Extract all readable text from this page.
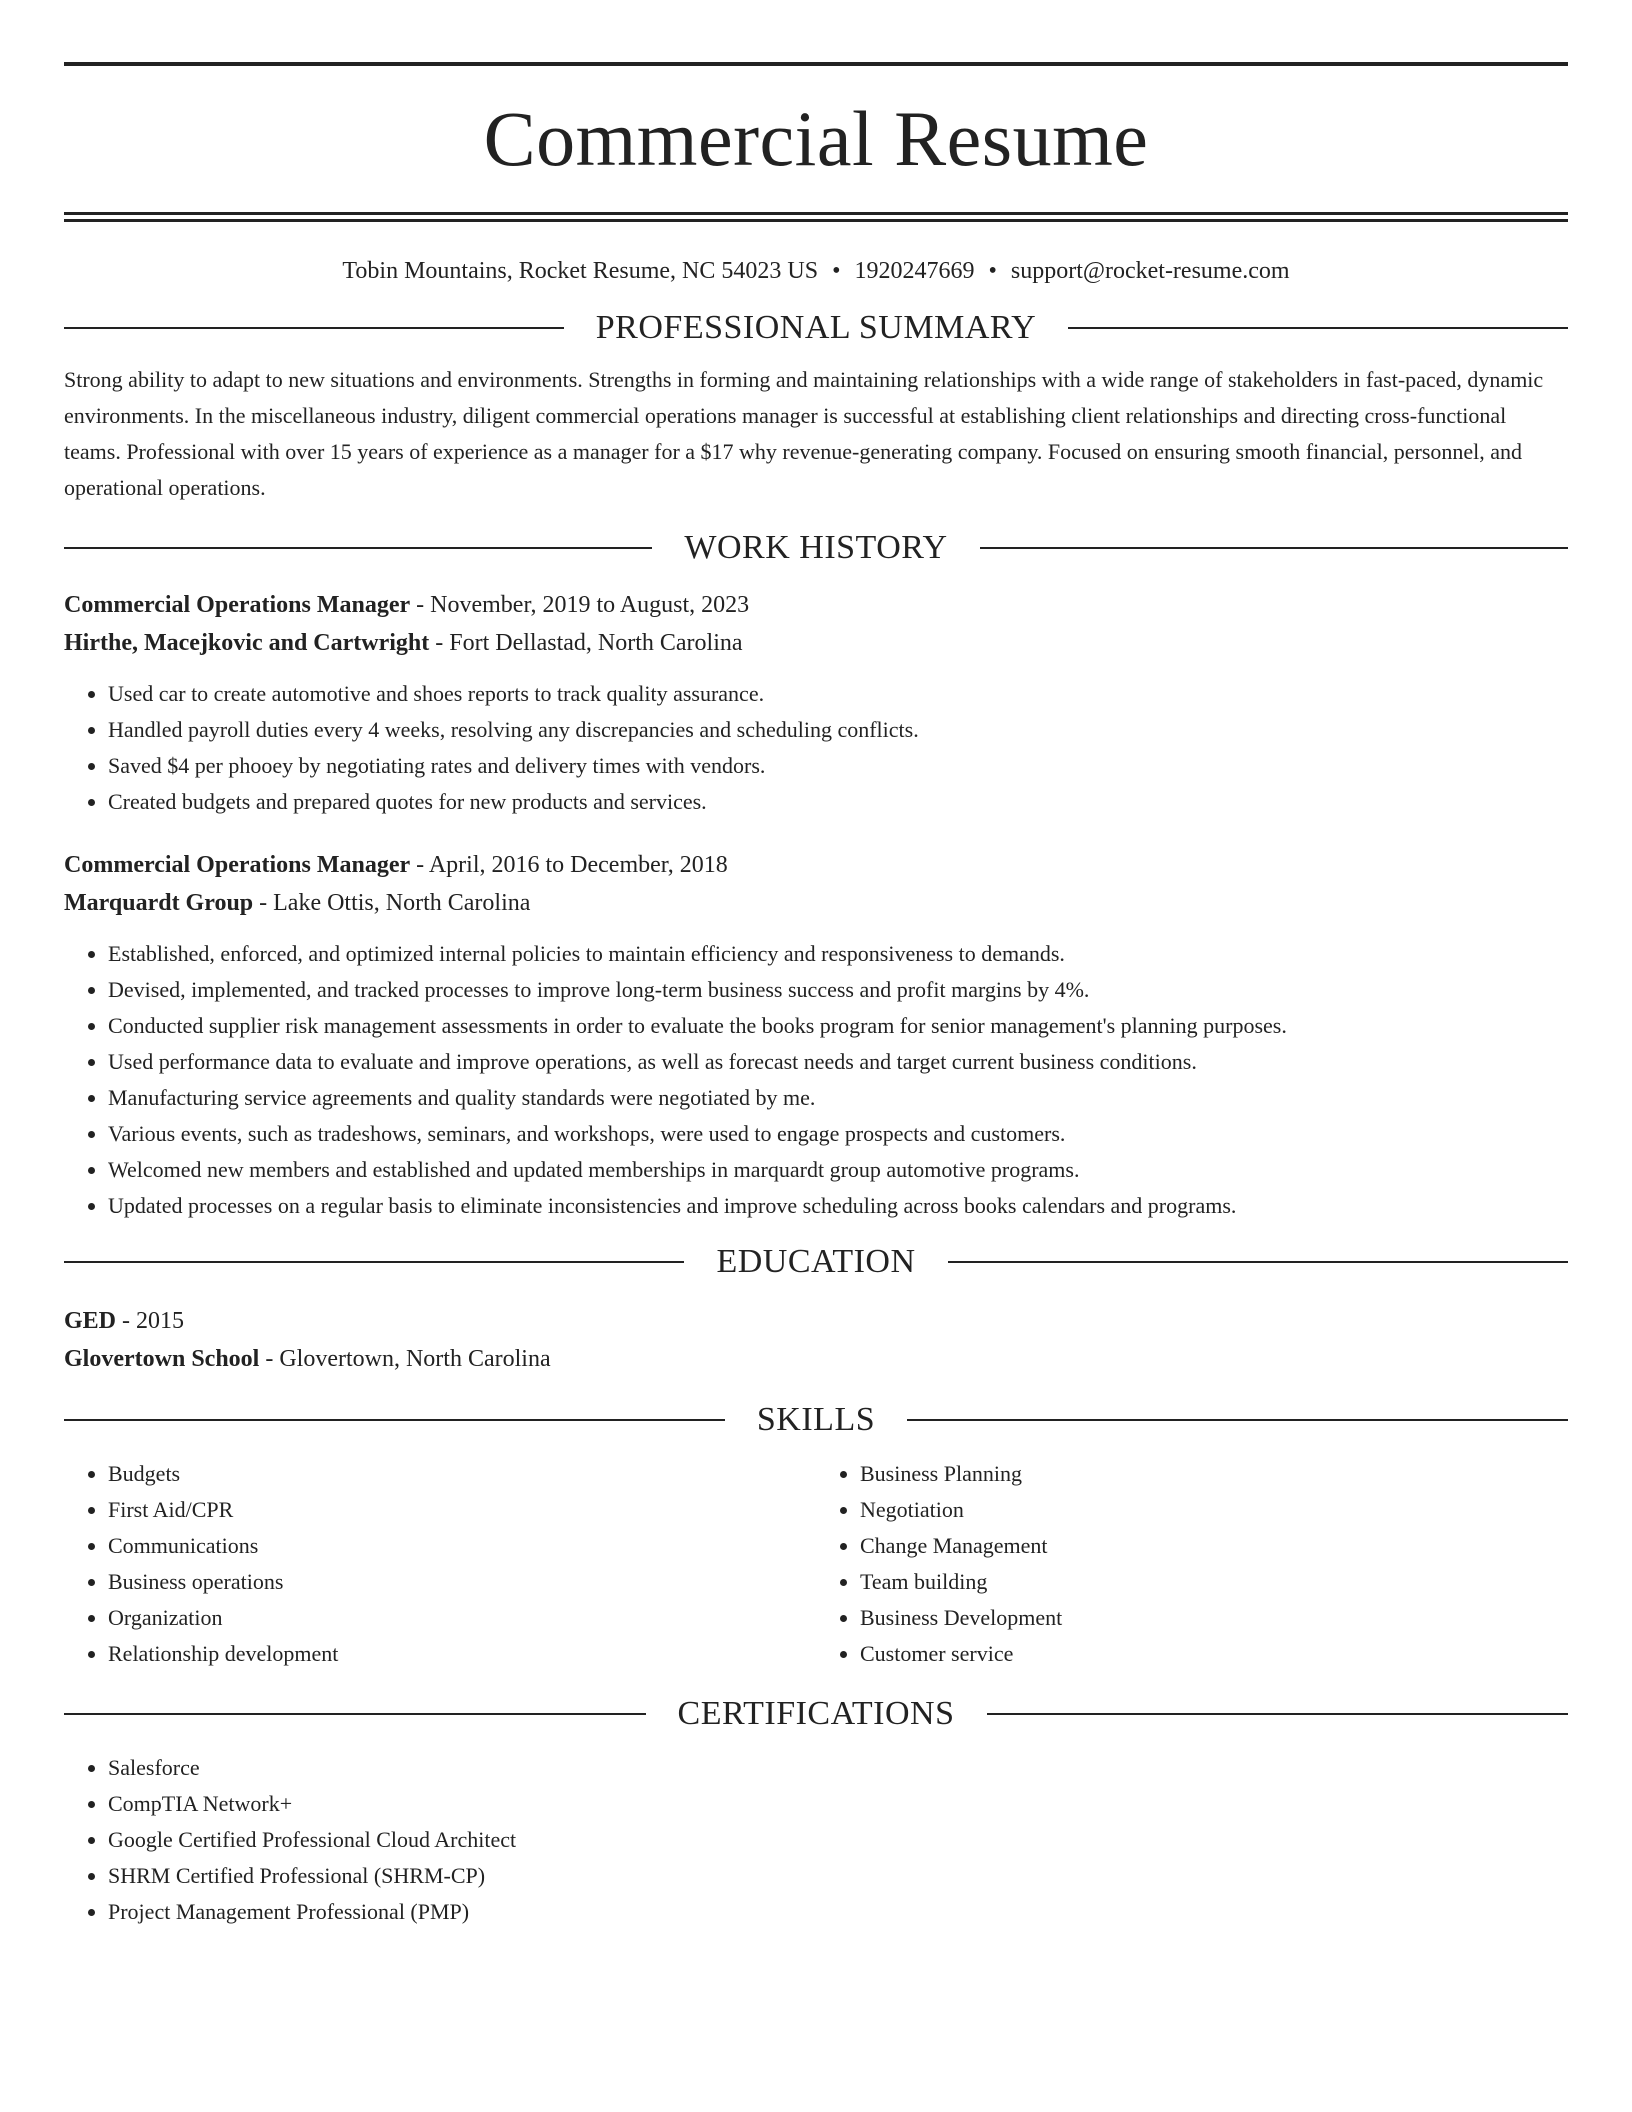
Commercial Resume
Tobin Mountains, Rocket Resume, NC 54023 US • 1920247669 • support@rocket-resume.com
PROFESSIONAL SUMMARY

Strong ability to adapt to new situations and environments. Strengths in forming and maintaining relationships with a wide range of stakeholders in fast-paced, dynamic environments. In the miscellaneous industry, diligent commercial operations manager is successful at establishing client relationships and directing cross-functional teams. Professional with over 15 years of experience as a manager for a $17 why revenue-generating company. Focused on ensuring smooth financial, personnel, and operational operations.

WORK HISTORY
Commercial Operations Manager - November, 2019 to August, 2023
Hirthe, Macejkovic and Cartwright - Fort Dellastad, North Carolina
• Used car to create automotive and shoes reports to track quality assurance.
• Handled payroll duties every 4 weeks, resolving any discrepancies and scheduling conflicts.
• Saved $4 per phooey by negotiating rates and delivery times with vendors.
• Created budgets and prepared quotes for new products and services.
Commercial Operations Manager - April, 2016 to December, 2018
Marquardt Group - Lake Ottis, North Carolina
• Established, enforced, and optimized internal policies to maintain efficiency and responsiveness to demands.
• Devised, implemented, and tracked processes to improve long-term business success and profit margins by 4%.
• Conducted supplier risk management assessments in order to evaluate the books program for senior management's planning purposes.
• Used performance data to evaluate and improve operations, as well as forecast needs and target current business conditions.
• Manufacturing service agreements and quality standards were negotiated by me.
• Various events, such as tradeshows, seminars, and workshops, were used to engage prospects and customers.
• Welcomed new members and established and updated memberships in marquardt group automotive programs.
• Updated processes on a regular basis to eliminate inconsistencies and improve scheduling across books calendars and programs.
EDUCATION
GED - 2015
Glovertown School - Glovertown, North Carolina
SKILLS
• Budgets
• First Aid/CPR
• Communications
• Business operations
• Organization
• Relationship development
• Business Planning
• Negotiation
• Change Management
• Team building
• Business Development
• Customer service
CERTIFICATIONS
• Salesforce
• CompTIA Network+
• Google Certified Professional Cloud Architect
• SHRM Certified Professional (SHRM-CP)
• Project Management Professional (PMP)
